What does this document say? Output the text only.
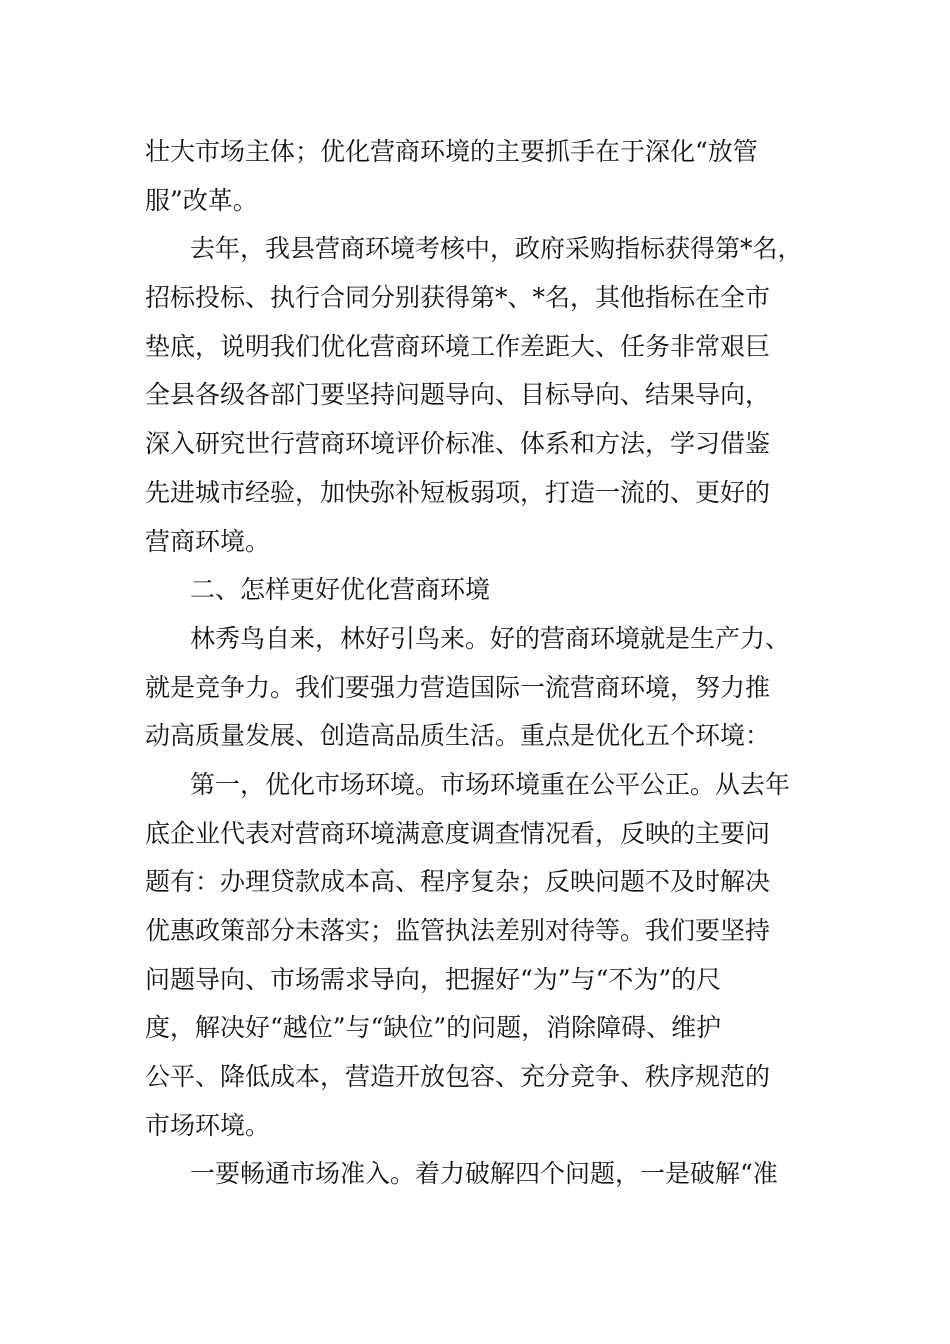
壮大市场主体；优化营商环境的主要抓手在于深化“放管
服”改革。
去年，我县营商环境考核中，政府采购指标获得第*名，
招标投标、执行合同分别获得第*、*名，其他指标在全市
垫底，说明我们优化营商环境工作差距大、任务非常艰巨
全县各级各部门要坚持问题导向、目标导向、结果导向，
深入研究世行营商环境评价标准、体系和方法，学习借鉴
先进城市经验，加快弥补短板弱项，打造一流的、更好的
营商环境。
二、怎样更好优化营商环境
林秀鸟自来，林好引鸟来。好的营商环境就是生产力、
就是竞争力。我们要强力营造国际一流营商环境，努力推
动高质量发展、创造高品质生活。重点是优化五个环境：
第一，优化市场环境。市场环境重在公平公正。从去年
底企业代表对营商环境满意度调查情况看，反映的主要问
题有：办理贷款成本高、程序复杂；反映问题不及时解决
优惠政策部分未落实；监管执法差别对待等。我们要坚持
问题导向、市场需求导向，把握好“为”与“不为”的尺
度，解决好“越位”与“缺位”的问题，消除障碍、维护
公平、降低成本，营造开放包容、充分竞争、秩序规范的
市场环境。
一要畅通市场准入。着力破解四个问题，一是破解“准
